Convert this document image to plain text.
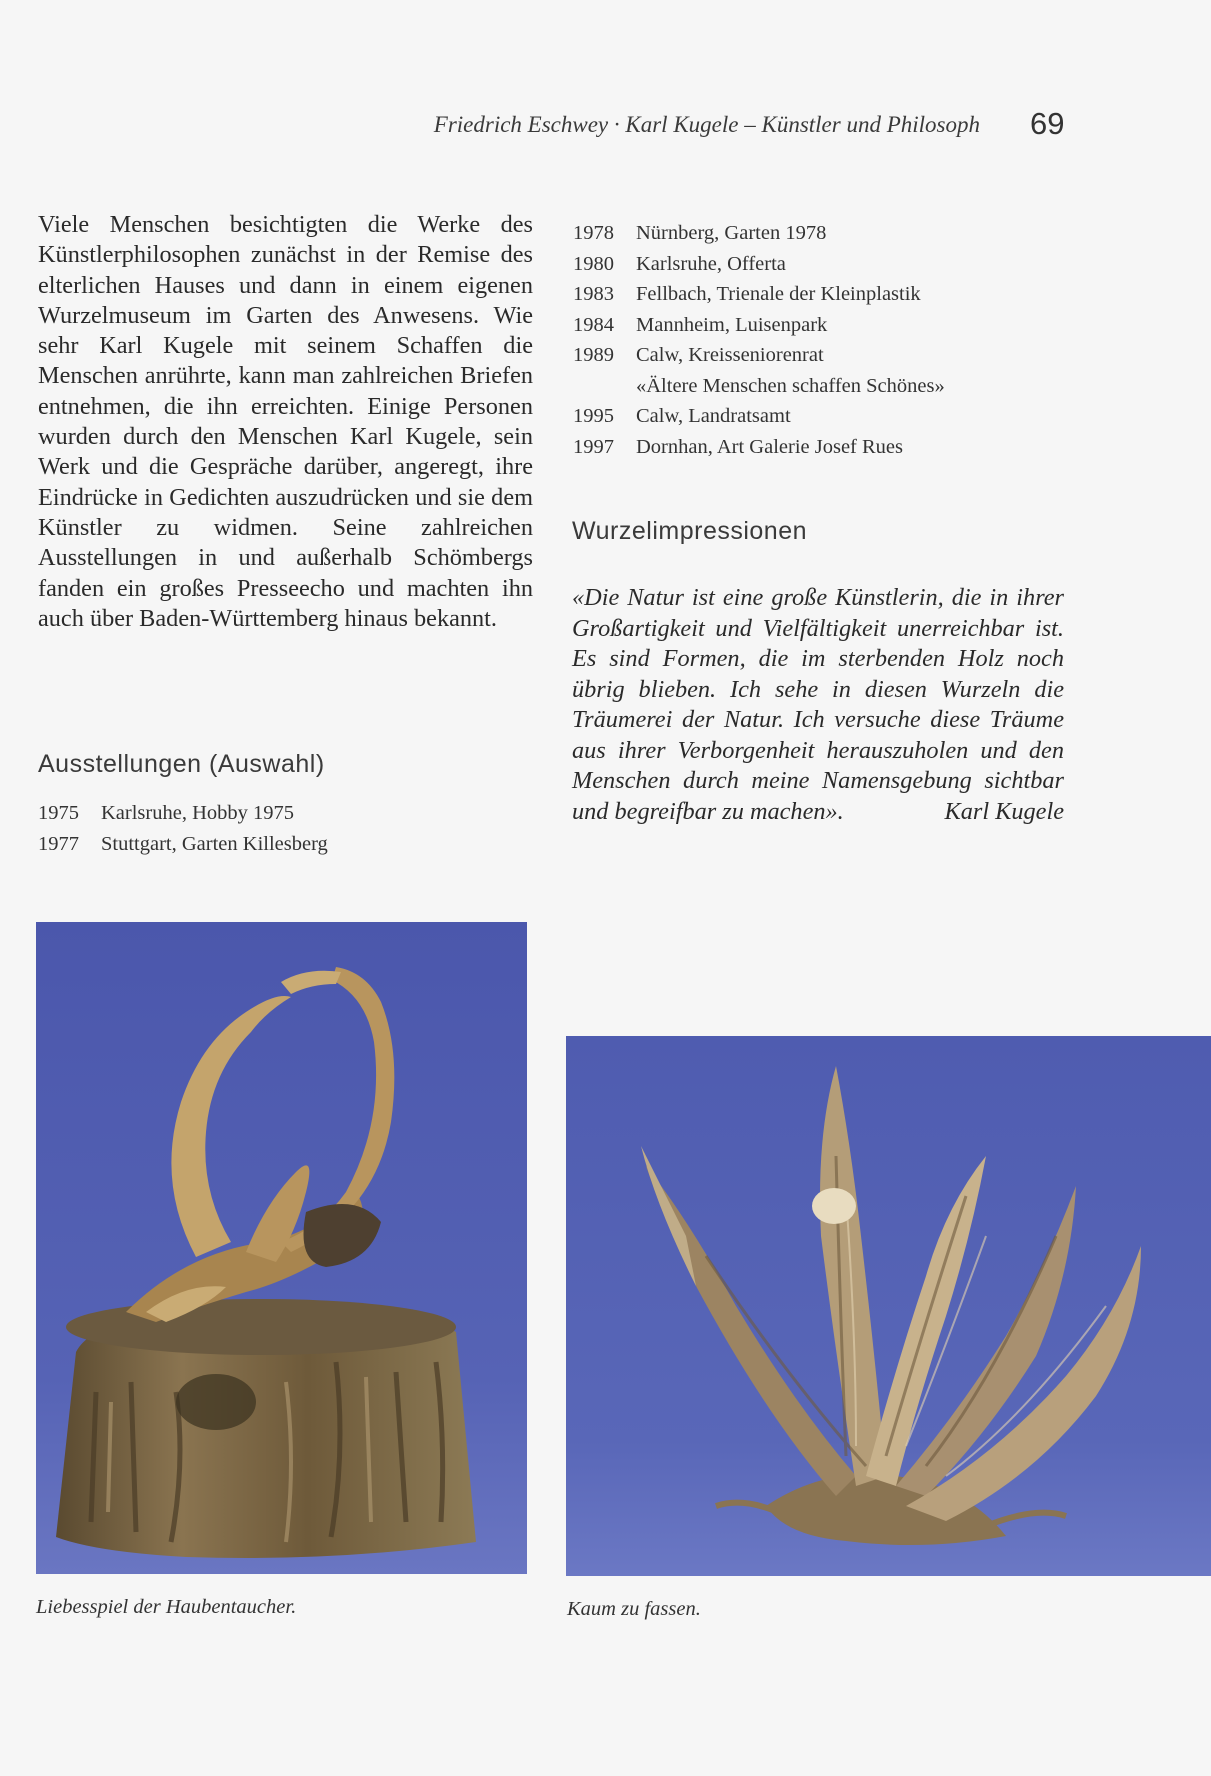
Friedrich Eschwey · Karl Kugele – Künstler und Philosoph 69

Viele Menschen besichtigten die Werke des Künstlerphilosophen zunächst in der Remise des elterlichen Hauses und dann in einem eigenen Wurzelmuseum im Garten des Anwesens. Wie sehr Karl Kugele mit seinem Schaffen die Menschen anrührte, kann man zahlreichen Briefen entnehmen, die ihn erreichten. Einige Personen wurden durch den Menschen Karl Kugele, sein Werk und die Gespräche darüber, angeregt, ihre Eindrücke in Gedichten auszudrücken und sie dem Künstler zu widmen. Seine zahlreichen Ausstellungen in und außerhalb Schömbergs fanden ein großes Presseecho und machten ihn auch über Baden-Württemberg hinaus bekannt.

Ausstellungen (Auswahl)
1975	Karlsruhe, Hobby 1975
1977	Stuttgart, Garten Killesberg
1978	Nürnberg, Garten 1978
1980	Karlsruhe, Offerta
1983	Fellbach, Trienale der Kleinplastik
1984	Mannheim, Luisenpark
1989	Calw, Kreisseniorenrat
«Ältere Menschen schaffen Schönes»
1995	Calw, Landratsamt
1997	Dornhan, Art Galerie Josef Rues
Wurzelimpressionen
«Die Natur ist eine große Künstlerin, die in ihrer Großartigkeit und Vielfältigkeit unerreichbar ist. Es sind Formen, die im sterbenden Holz noch übrig blieben. Ich sehe in diesen Wurzeln die Träumerei der Natur. Ich versuche diese Träume aus ihrer Verborgenheit herauszuholen und den Menschen durch meine Namensgebung sichtbar und begreifbar zu machen».	Karl Kugele
Liebesspiel der Haubentaucher.	Kaum zu fassen.
